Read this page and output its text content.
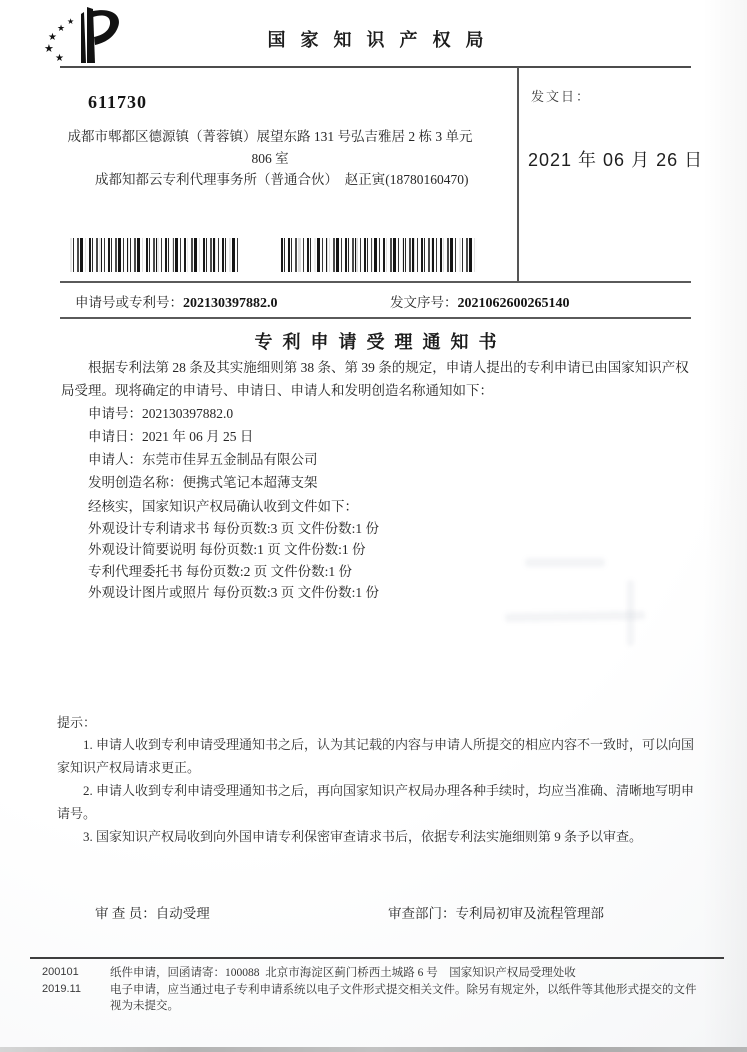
★
★
★
★
★
国家知识产权局
发文日：
2021 年 06 月 26 日
611730
成都市郫都区德源镇（菁蓉镇）展望东路 131 号弘吉雅居 2 栋 3 单元
806 室
成都知都云专利代理事务所（普通合伙）　赵正寅(18780160470)
申请号或专利号：202130397882.0	发文序号：2021062600265140
专利申请受理通知书
根据专利法第 28 条及其实施细则第 38 条、第 39 条的规定，申请人提出的专利申请已由国家知识产权局受理。现将确定的申请号、申请日、申请人和发明创造名称通知如下：
申请号：202130397882.0
申请日：2021 年 06 月 25 日
申请人：东莞市佳昇五金制品有限公司
发明创造名称：便携式笔记本超薄支架
经核实，国家知识产权局确认收到文件如下：
外观设计专利请求书 每份页数:3 页 文件份数:1 份
外观设计简要说明 每份页数:1 页 文件份数:1 份
专利代理委托书 每份页数:2 页 文件份数:1 份
外观设计图片或照片 每份页数:3 页 文件份数:1 份
提示：

1. 申请人收到专利申请受理通知书之后，认为其记载的内容与申请人所提交的相应内容不一致时，可以向国家知识产权局请求更正。

2. 申请人收到专利申请受理通知书之后，再向国家知识产权局办理各种手续时，均应当准确、清晰地写明申请号。

3. 国家知识产权局收到向外国申请专利保密审查请求书后，依据专利法实施细则第 9 条予以审查。

审 查 员：自动受理	审查部门：专利局初审及流程管理部
200101
2019.11
纸件申请，回函请寄：100088  北京市海淀区蓟门桥西土城路 6 号　国家知识产权局受理处收
电子申请，应当通过电子专利申请系统以电子文件形式提交相关文件。除另有规定外，以纸件等其他形式提交的文件视为未提交。
